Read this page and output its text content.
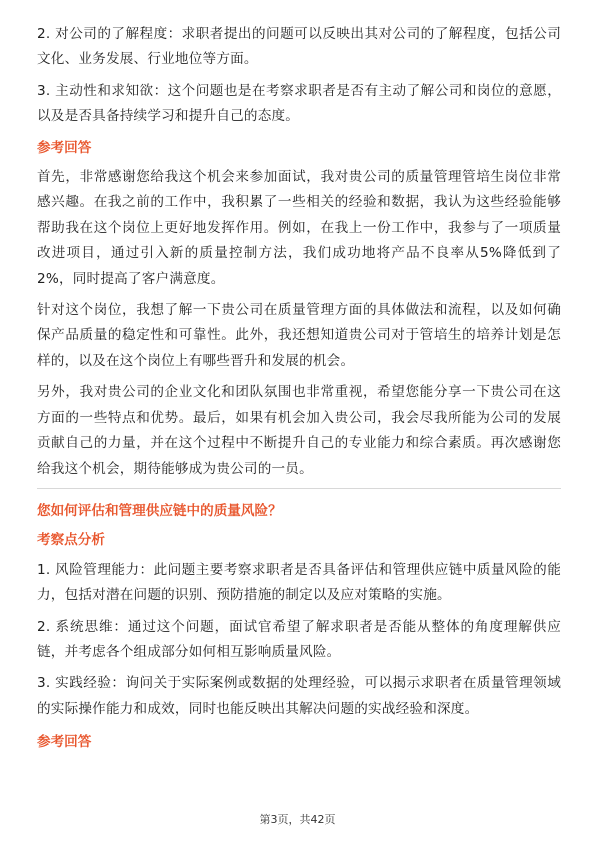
2. 对公司的了解程度：求职者提出的问题可以反映出其对公司的了解程度，包括公司文化、业务发展、行业地位等方面。

3. 主动性和求知欲：这个问题也是在考察求职者是否有主动了解公司和岗位的意愿，以及是否具备持续学习和提升自己的态度。

参考回答

首先，非常感谢您给我这个机会来参加面试，我对贵公司的质量管理管培生岗位非常感兴趣。在我之前的工作中，我积累了一些相关的经验和数据，我认为这些经验能够帮助我在这个岗位上更好地发挥作用。例如，在我上一份工作中，我参与了一项质量改进项目，通过引入新的质量控制方法，我们成功地将产品不良率从5%降低到了2%，同时提高了客户满意度。

针对这个岗位，我想了解一下贵公司在质量管理方面的具体做法和流程，以及如何确保产品质量的稳定性和可靠性。此外，我还想知道贵公司对于管培生的培养计划是怎样的，以及在这个岗位上有哪些晋升和发展的机会。

另外，我对贵公司的企业文化和团队氛围也非常重视，希望您能分享一下贵公司在这方面的一些特点和优势。最后，如果有机会加入贵公司，我会尽我所能为公司的发展贡献自己的力量，并在这个过程中不断提升自己的专业能力和综合素质。再次感谢您给我这个机会，期待能够成为贵公司的一员。

您如何评估和管理供应链中的质量风险？
考察点分析

1. 风险管理能力：此问题主要考察求职者是否具备评估和管理供应链中质量风险的能力，包括对潜在问题的识别、预防措施的制定以及应对策略的实施。

2. 系统思维：通过这个问题，面试官希望了解求职者是否能从整体的角度理解供应链，并考虑各个组成部分如何相互影响质量风险。

3. 实践经验：询问关于实际案例或数据的处理经验，可以揭示求职者在质量管理领域的实际操作能力和成效，同时也能反映出其解决问题的实战经验和深度。

参考回答
第3页，共42页
